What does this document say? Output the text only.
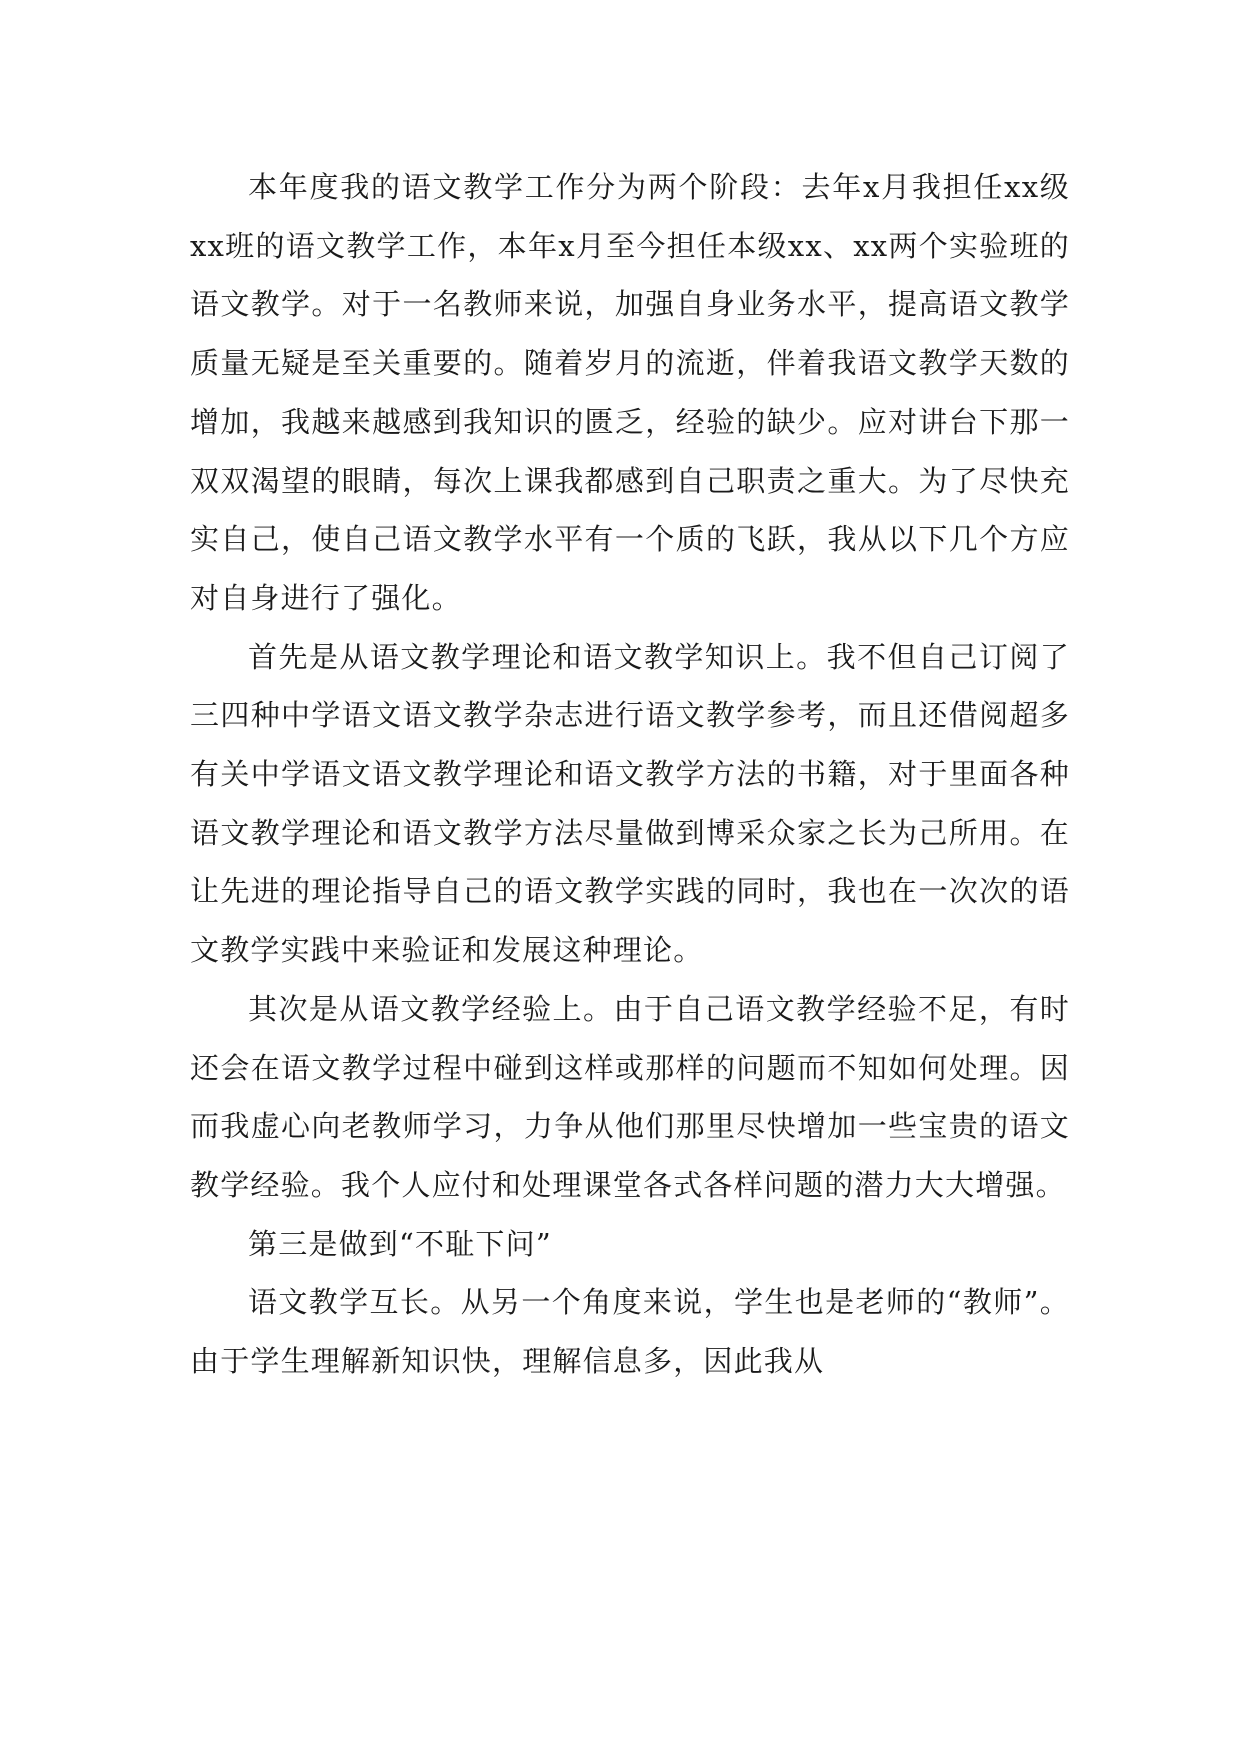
本年度我的语文教学工作分为两个阶段：去年x月我担任xx级xx班的语文教学工作，本年x月至今担任本级xx、xx两个实验班的语文教学。对于一名教师来说，加强自身业务水平，提高语文教学质量无疑是至关重要的。随着岁月的流逝，伴着我语文教学天数的增加，我越来越感到我知识的匮乏，经验的缺少。应对讲台下那一双双渴望的眼睛，每次上课我都感到自己职责之重大。为了尽快充实自己，使自己语文教学水平有一个质的飞跃，我从以下几个方应对自身进行了强化。

首先是从语文教学理论和语文教学知识上。我不但自己订阅了三四种中学语文语文教学杂志进行语文教学参考，而且还借阅超多有关中学语文语文教学理论和语文教学方法的书籍，对于里面各种语文教学理论和语文教学方法尽量做到博采众家之长为己所用。在让先进的理论指导自己的语文教学实践的同时，我也在一次次的语文教学实践中来验证和发展这种理论。

其次是从语文教学经验上。由于自己语文教学经验不足，有时还会在语文教学过程中碰到这样或那样的问题而不知如何处理。因而我虚心向老教师学习，力争从他们那里尽快增加一些宝贵的语文教学经验。我个人应付和处理课堂各式各样问题的潜力大大增强。

第三是做到“不耻下问”

语文教学互长。从另一个角度来说，学生也是老师的“教师”。由于学生理解新知识快，理解信息多，因此我从
